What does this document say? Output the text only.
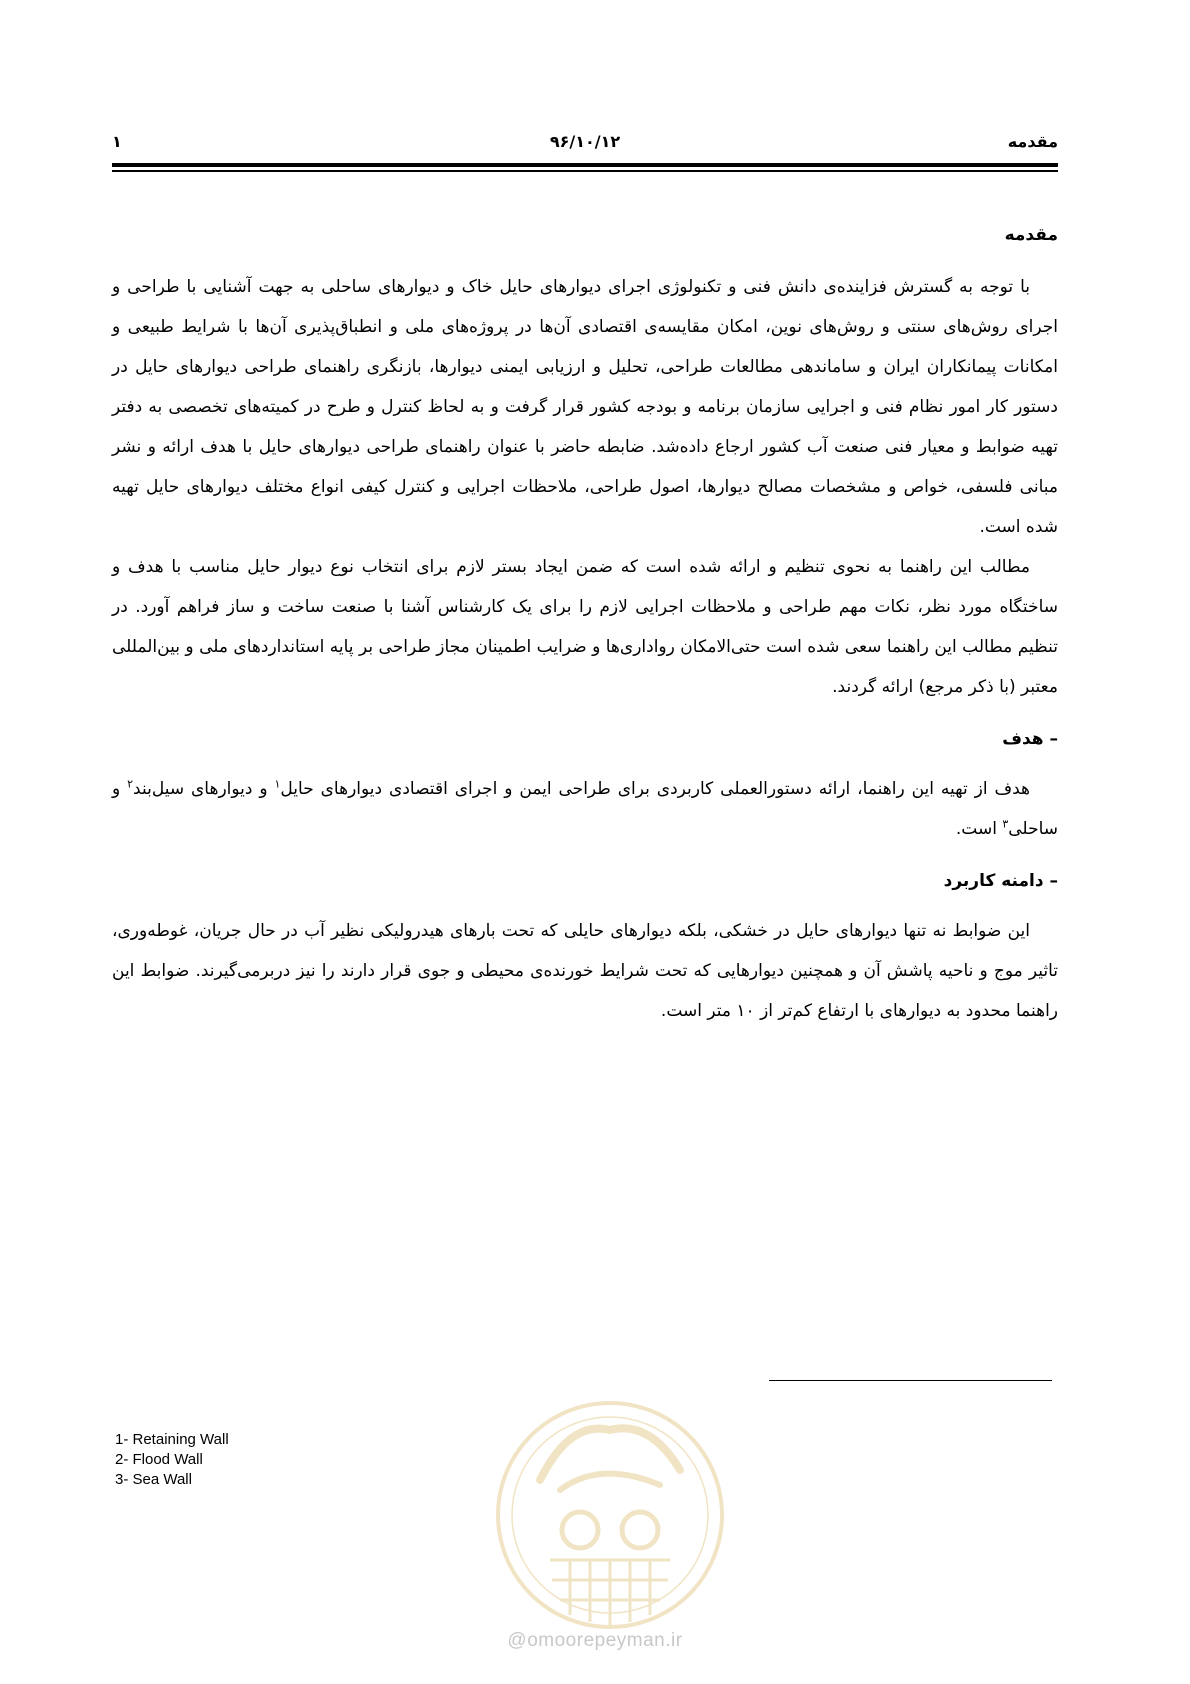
مقدمه
۹۶/۱۰/۱۲
۱
مقدمه

با توجه به گسترش فزاینده‌ی دانش فنی و تکنولوژی اجرای دیوارهای حایل خاک و دیوارهای ساحلی به جهت آشنایی با طراحی و اجرای روش‌های سنتی و روش‌های نوین، امکان مقایسه‌ی اقتصادی آن‌ها در پروژه‌های ملی و انطباق‌پذیری آن‌ها با شرایط طبیعی و امکانات پیمانکاران ایران و ساماندهی مطالعات طراحی، تحلیل و ارزیابی ایمنی دیوارها، بازنگری راهنمای طراحی دیوارهای حایل در دستور کار امور نظام فنی و اجرایی سازمان برنامه و بودجه کشور قرار گرفت و به لحاظ کنترل و طرح در کمیته‌های تخصصی به دفتر تهیه ضوابط و معیار فنی صنعت آب کشور ارجاع داده‌شد. ضابطه حاضر با عنوان راهنمای طراحی دیوارهای حایل با هدف ارائه و نشر مبانی فلسفی، خواص و مشخصات مصالح دیوارها، اصول طراحی، ملاحظات اجرایی و کنترل کیفی انواع مختلف دیوارهای حایل تهیه شده است.

مطالب این راهنما به نحوی تنظیم و ارائه شده است که ضمن ایجاد بستر لازم برای انتخاب نوع دیوار حایل مناسب با هدف و ساختگاه مورد نظر، نکات مهم طراحی و ملاحظات اجرایی لازم را برای یک کارشناس آشنا با صنعت ساخت و ساز فراهم آورد. در تنظیم مطالب این راهنما سعی شده است حتی‌الامکان رواداری‌ها و ضرایب اطمینان مجاز طراحی بر پایه استانداردهای ملی و بین‌المللی معتبر (با ذکر مرجع) ارائه گردند.

– هدف

هدف از تهیه این راهنما، ارائه دستورالعملی کاربردی برای طراحی ایمن و اجرای اقتصادی دیوارهای حایل$^۱$ و دیوارهای سیل‌بند$^۲$ و ساحلی$^۳$ است.

– دامنه کاربرد

این ضوابط نه تنها دیوارهای حایل در خشکی، بلکه دیوارهای حایلی که تحت بارهای هیدرولیکی نظیر آب در حال جریان، غوطه‌وری، تاثیر موج و ناحیه پاشش آن و همچنین دیوارهایی که تحت شرایط خورنده‌ی محیطی و جوی قرار دارند را نیز دربرمی‌گیرند. ضوابط این راهنما محدود به دیوارهای با ارتفاع کم‌تر از ۱۰ متر است.

1- Retaining Wall
2- Flood Wall
3- Sea Wall
@omoorepeyman.ir
